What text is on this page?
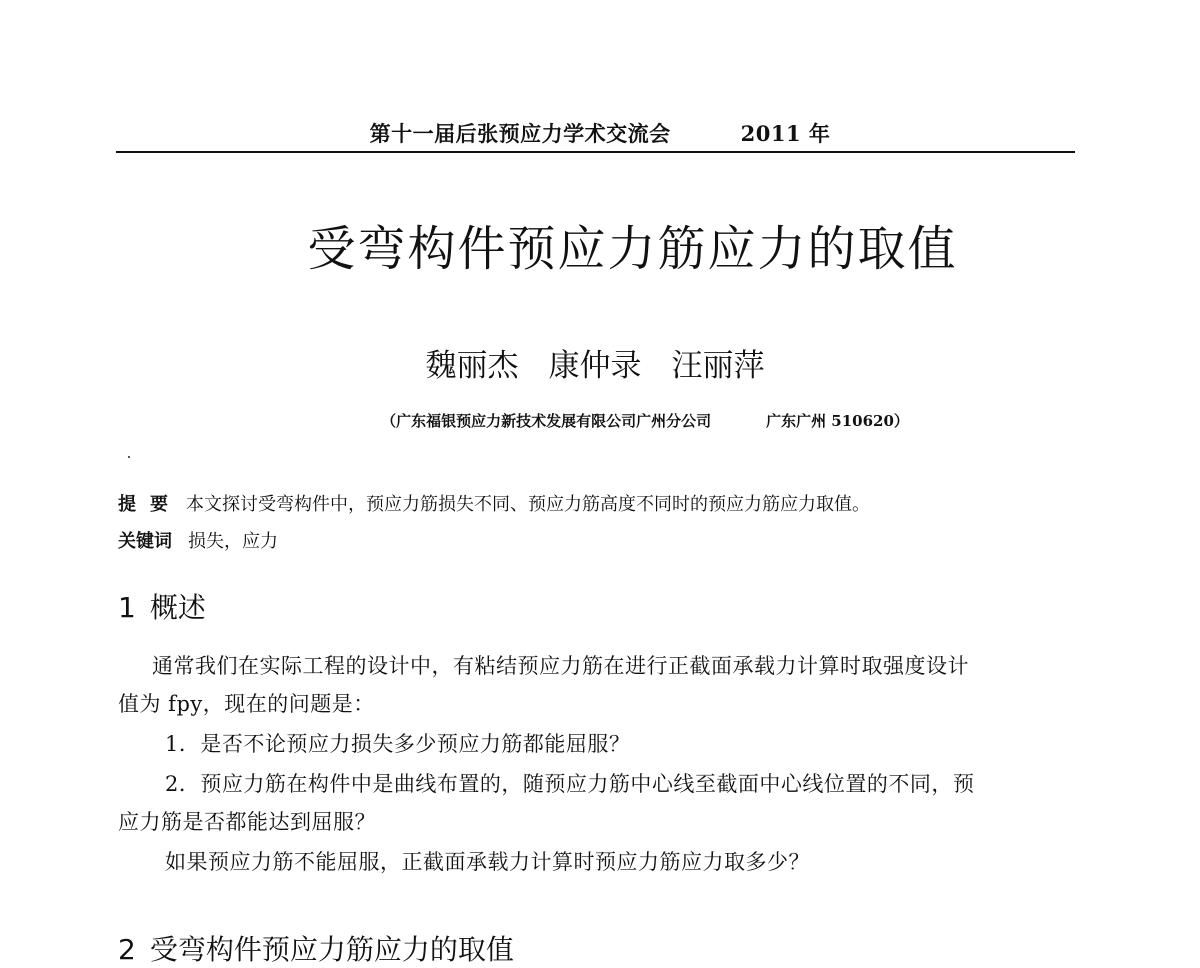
第十一届后张预应力学术交流会	2011 年
受弯构件预应力筋应力的取值
魏丽杰 康仲录 汪丽萍
（广东福银预应力新技术发展有限公司广州分公司	广东广州 510620）
提要 本文探讨受弯构件中，预应力筋损失不同、预应力筋高度不同时的预应力筋应力取值。
关键词 损失，应力
1 概述
通常我们在实际工程的设计中，有粘结预应力筋在进行正截面承载力计算时取强度设计
值为 fpy，现在的问题是：
1．是否不论预应力损失多少预应力筋都能屈服？
2．预应力筋在构件中是曲线布置的，随预应力筋中心线至截面中心线位置的不同，预
应力筋是否都能达到屈服？
如果预应力筋不能屈服，正截面承载力计算时预应力筋应力取多少？
2 受弯构件预应力筋应力的取值
